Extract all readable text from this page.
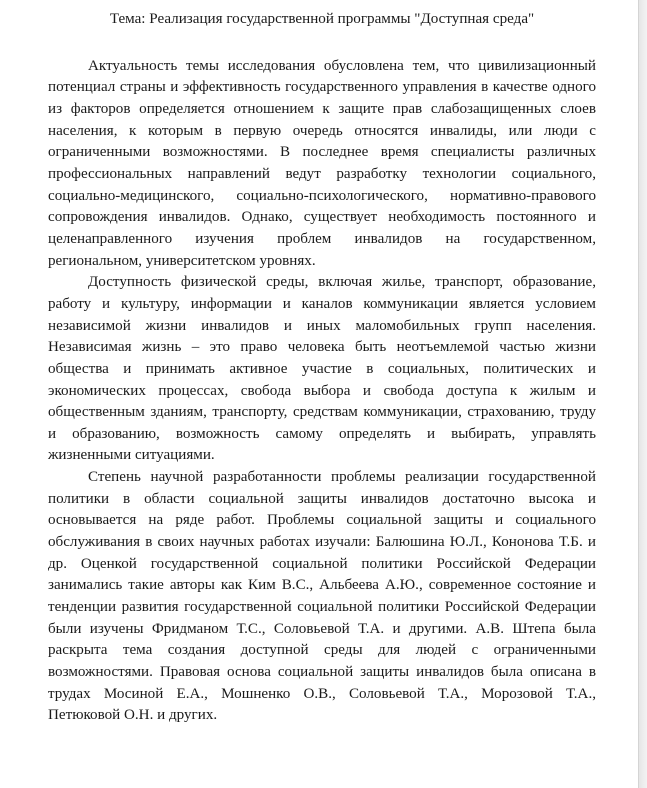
Тема: Реализация государственной программы "Доступная среда"

Актуальность темы исследования обусловлена тем, что цивилизационный потенциал страны и эффективность государственного управления в качестве одного из факторов определяется отношением к защите прав слабозащищенных слоев населения, к которым в первую очередь относятся инвалиды, или люди с ограниченными возможностями. В последнее время специалисты различных профессиональных направлений ведут разработку технологии социального, социально-медицинского, социально-психологического, нормативно-правового сопровождения инвалидов. Однако, существует необходимость постоянного и целенаправленного изучения проблем инвалидов на государственном, региональном, университетском уровнях.

Доступность физической среды, включая жилье, транспорт, образование, работу и культуру, информации и каналов коммуникации является условием независимой жизни инвалидов и иных маломобильных групп населения. Независимая жизнь – это право человека быть неотъемлемой частью жизни общества и принимать активное участие в социальных, политических и экономических процессах, свобода выбора и свобода доступа к жилым и общественным зданиям, транспорту, средствам коммуникации, страхованию, труду и образованию, возможность самому определять и выбирать, управлять жизненными ситуациями.

Степень научной разработанности проблемы реализации государственной политики в области социальной защиты инвалидов достаточно высока и основывается на ряде работ. Проблемы социальной защиты и социального обслуживания в своих научных работах изучали: Балюшина Ю.Л., Кононова Т.Б. и др. Оценкой государственной социальной политики Российской Федерации занимались такие авторы как Ким В.С., Альбеева А.Ю., современное состояние и тенденции развития государственной социальной политики Российской Федерации были изучены Фридманом Т.С., Соловьевой Т.А. и другими. А.В. Штепа была раскрыта тема создания доступной среды для людей с ограниченными возможностями. Правовая основа социальной защиты инвалидов была описана в трудах Мосиной Е.А., Мошненко О.В., Соловьевой Т.А., Морозовой Т.А., Петюковой О.Н. и других.
